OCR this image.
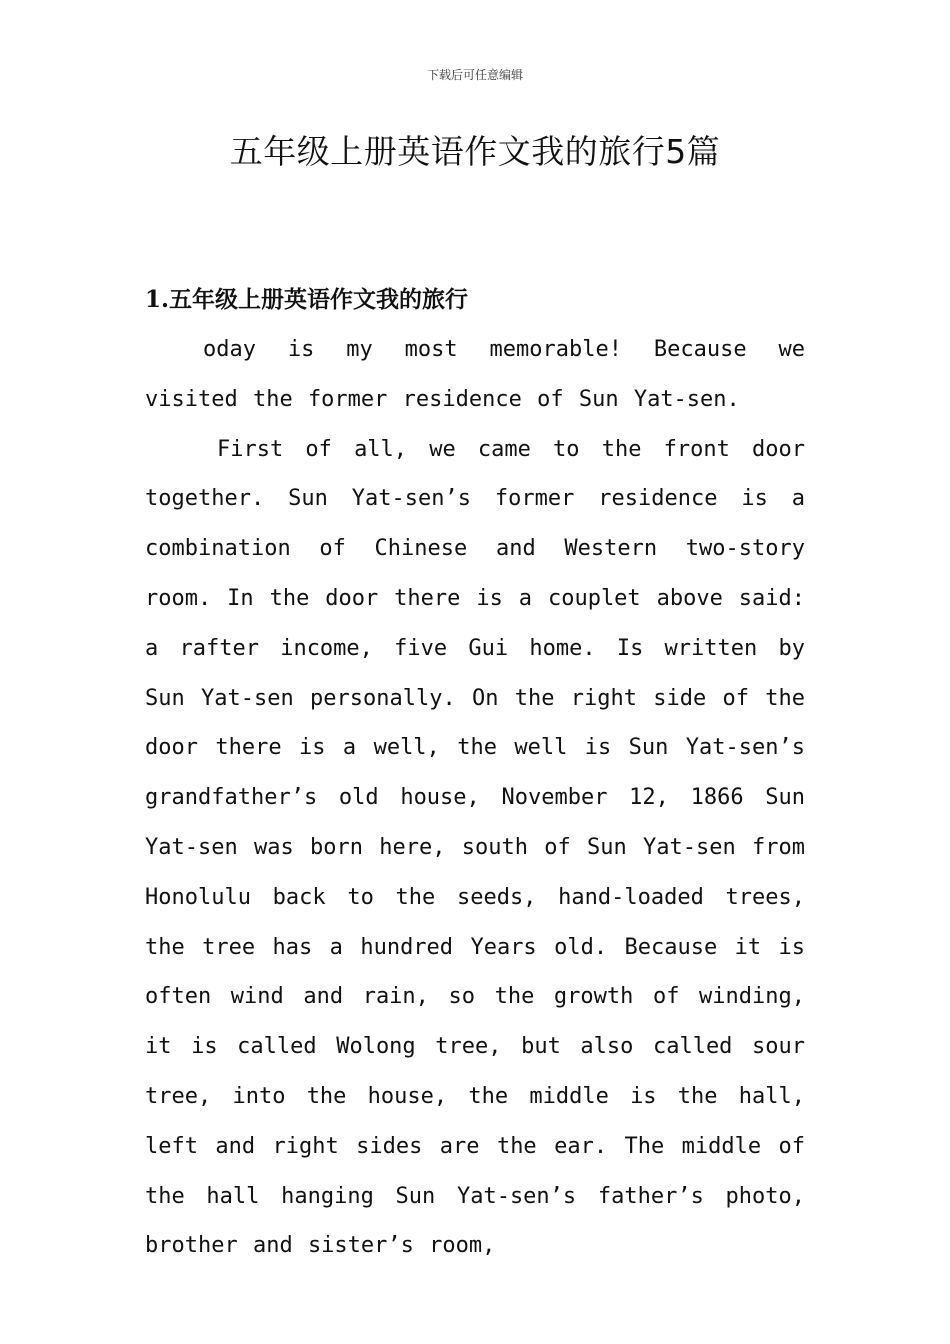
下载后可任意编辑

五年级上册英语作文我的旅行5篇
1.五年级上册英语作文我的旅行

oday is my most memorable! Because we visited the former residence of Sun Yat-sen.

First of all, we came to the front door together. Sun Yat-sen’s former residence is a combination of Chinese and Western two-story room. In the door there is a couplet above said: a rafter income, five Gui home. Is written by Sun Yat-sen personally. On the right side of the door there is a well, the well is Sun Yat-sen’s grandfather’s old house, November 12, 1866 Sun Yat-sen was born here, south of Sun Yat-sen from Honolulu back to the seeds, hand-loaded trees, the tree has a hundred Years old. Because it is often wind and rain, so the growth of winding, it is called Wolong tree, but also called sour tree, into the house, the middle is the hall, left and right sides are the ear. The middle of the hall hanging Sun Yat-sen’s father’s photo, brother and sister’s room,
